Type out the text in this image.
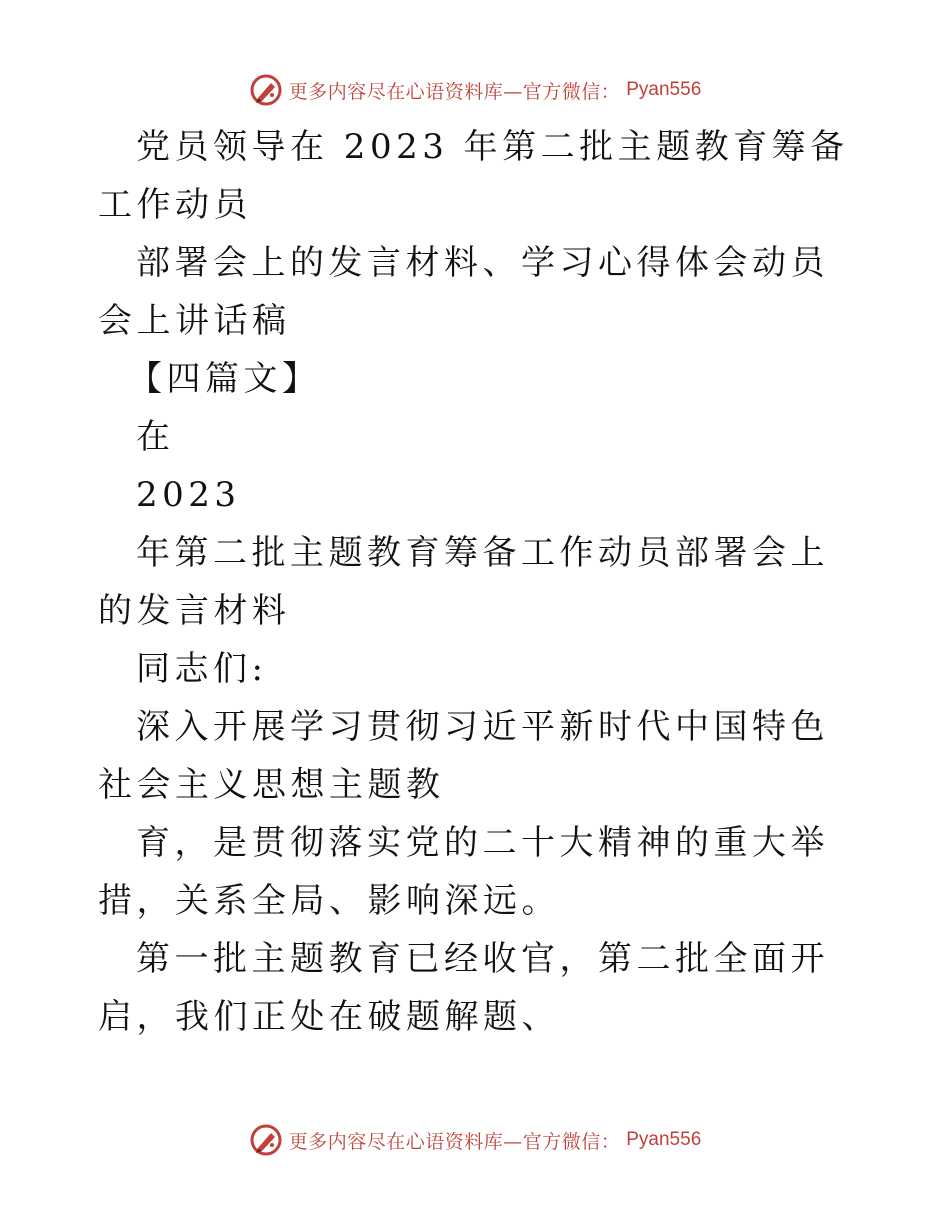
更多内容尽在心语资料库—官方微信： Pyan556

党员领导在 2023 年第二批主题教育筹备工作动员

部署会上的发言材料、学习心得体会动员会上讲话稿

【四篇文】

在

2023

年第二批主题教育筹备工作动员部署会上的发言材料

同志们:

深入开展学习贯彻习近平新时代中国特色社会主义思想主题教

育，是贯彻落实党的二十大精神的重大举措，关系全局、影响深远。

第一批主题教育已经收官，第二批全面开启，我们正处在破题解题、

更多内容尽在心语资料库—官方微信： Pyan556
